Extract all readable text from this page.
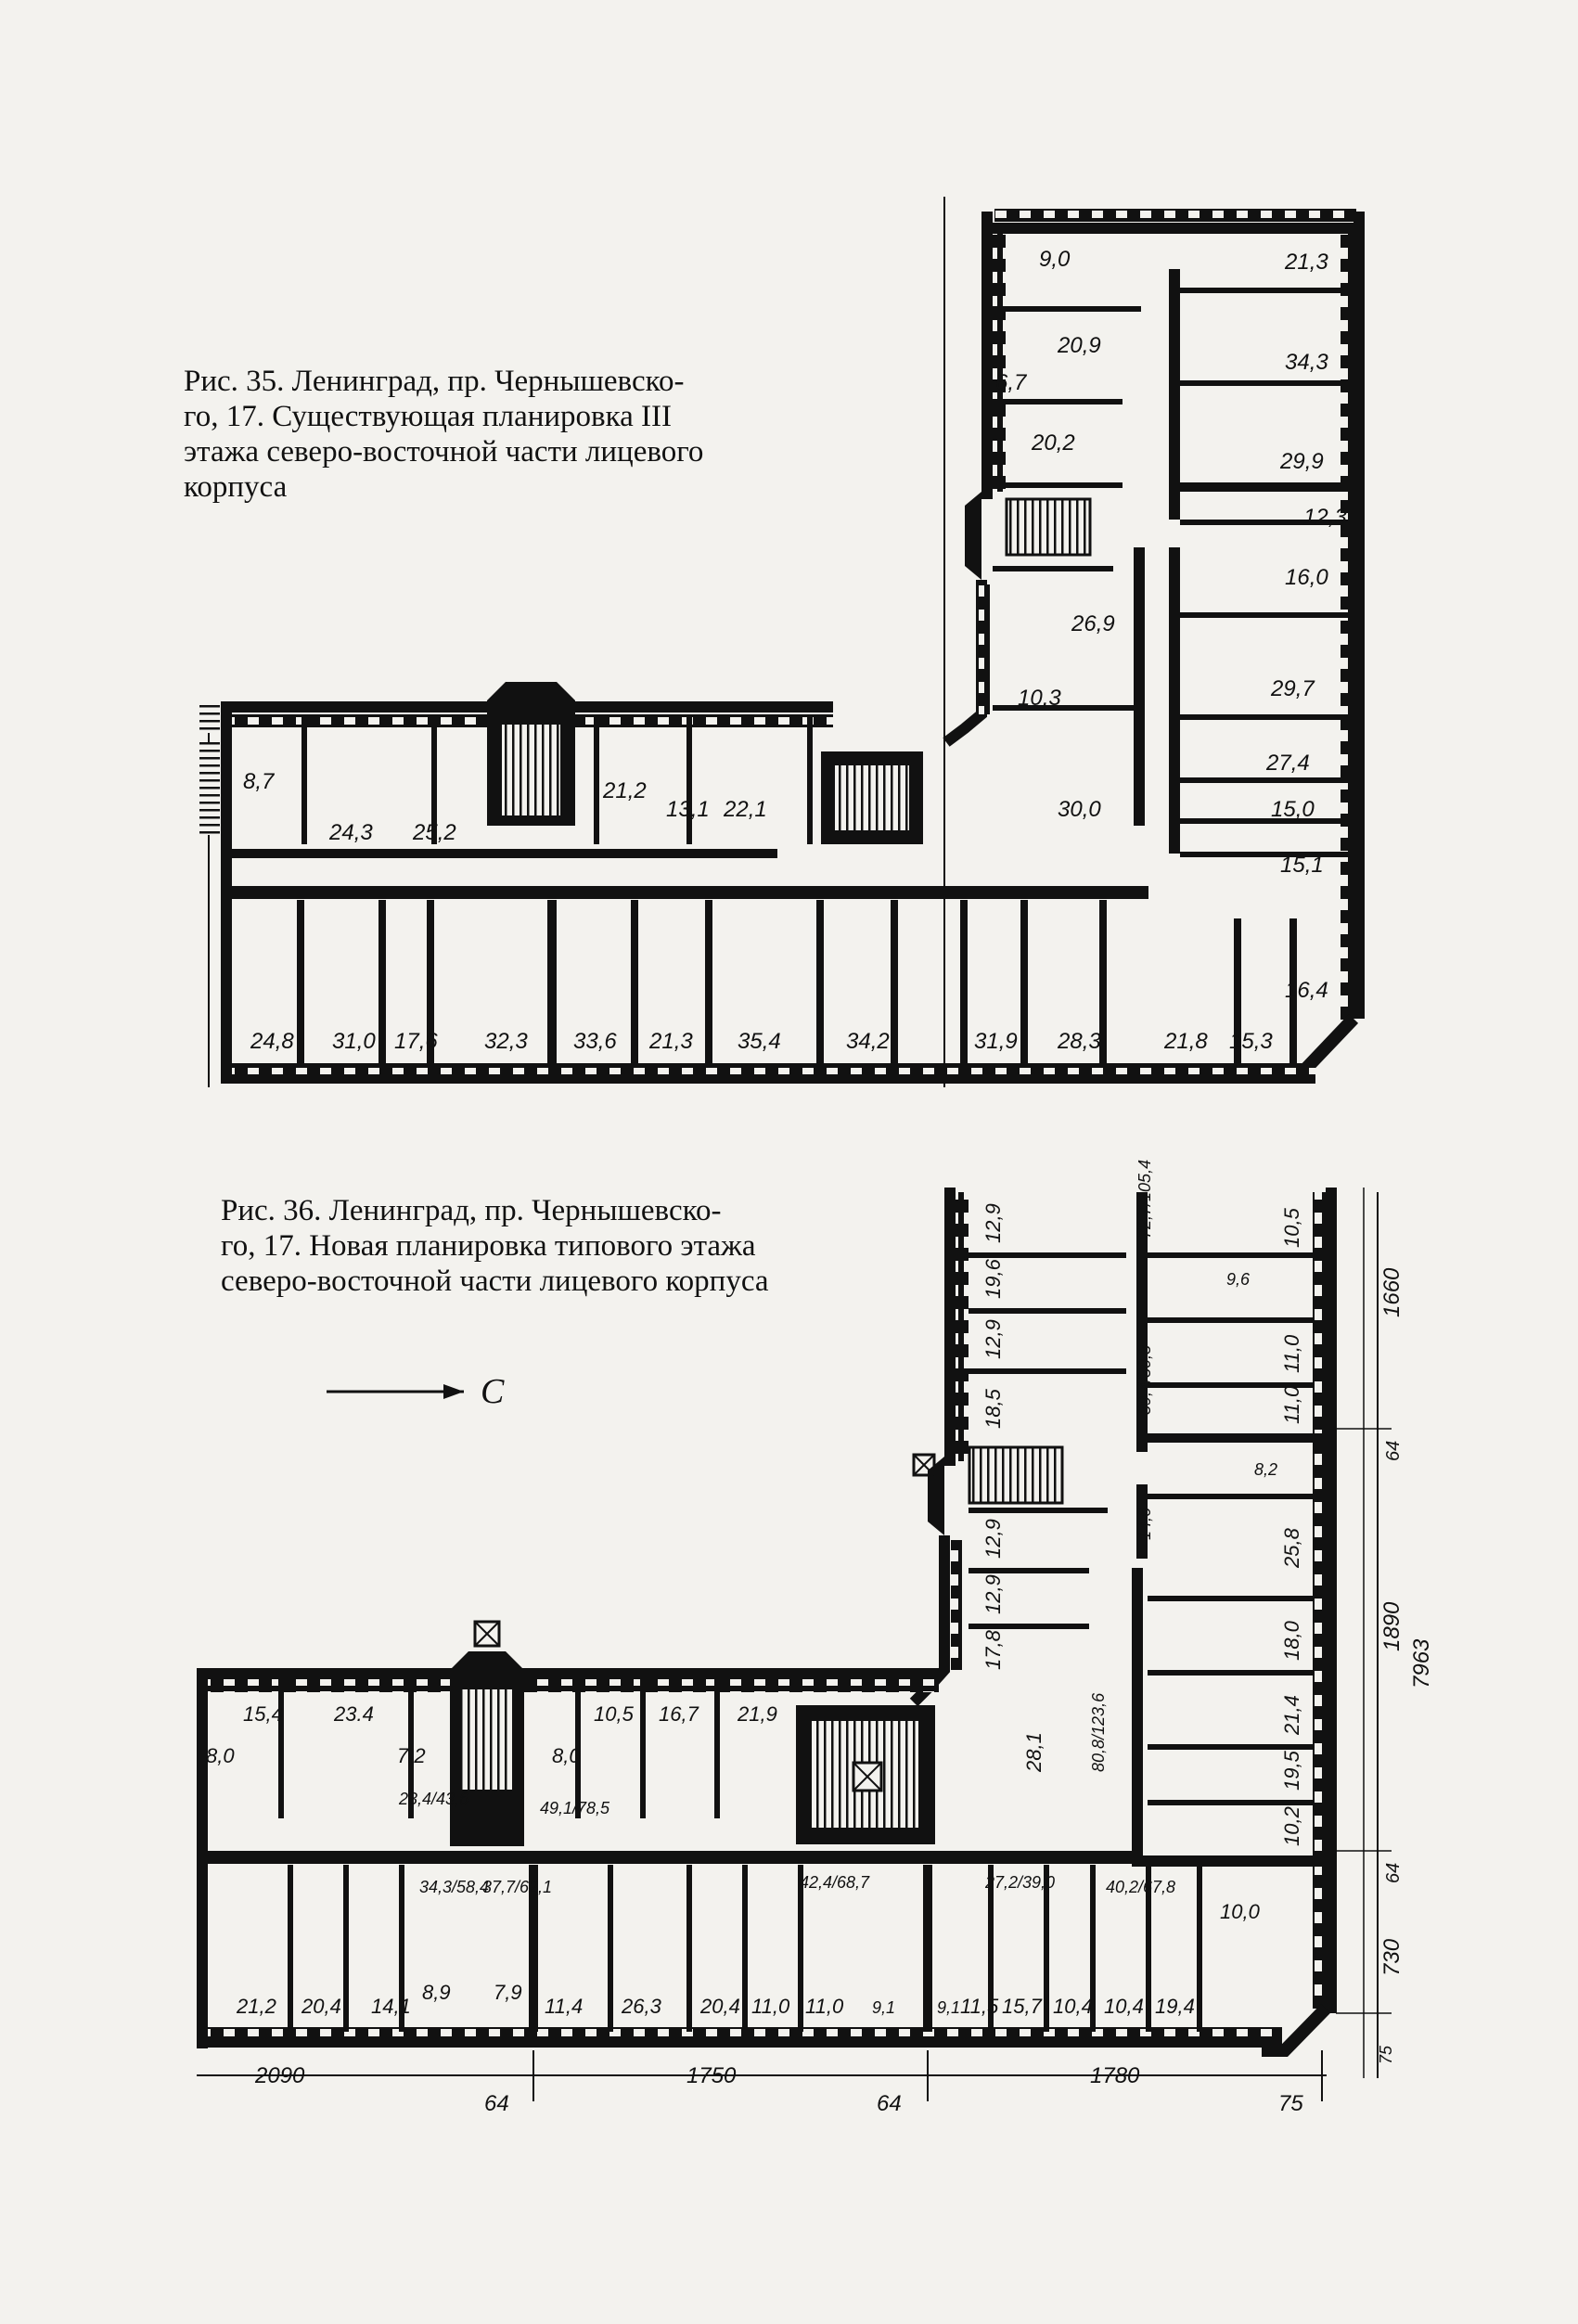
Рис. 35. Ленинград, пр. Чернышевско-
го, 17. Существующая планировка III
этажа северо-восточной части лицевого
корпуса
Рис. 36. Ленинград, пр. Чернышевско-
го, 17. Новая планировка типового этажа
северо-восточной части лицевого корпуса
9,0	21,3
20,9
34,3
6,7
20,2
29,9
12,3
16,0
26,9
29,7
10,3
27,4
30,0	15,0
15,1
16,4
8,7
24,3 25,2
21,2
13,1 22,1
24,8 31,0 17,6 32,3 33,6 21,3 35,4	34,2	31,9 28,3	21,8 15,3
С
12,9
19,6
12,9
18,5
12,9
12,9
17,8
10,5
11,0
11,0
25,8
18,0
21,4
19,5
10,2
28,1
72,7/105,4
39,4/30,3
80,8/123,6
14,6
15,4	23.4	10,5 16,7 21,9
8,0	7,2	8,0
10,0
21,2 20,4 14,1
8,9 7,9
11,4 26,3 20,4 11,0 11,0 9,1 9,1 11,5 15,7 10,4 10,4 19,4
9,6
8,2
23,4/43,6	49,1/78,5
34,3/58,4
37,7/62,1	42,4/68,7	27,2/39,0	40,2/67,8
2090
64
1750
64
1780
75
1660
64
1890
7963
64
730
75
